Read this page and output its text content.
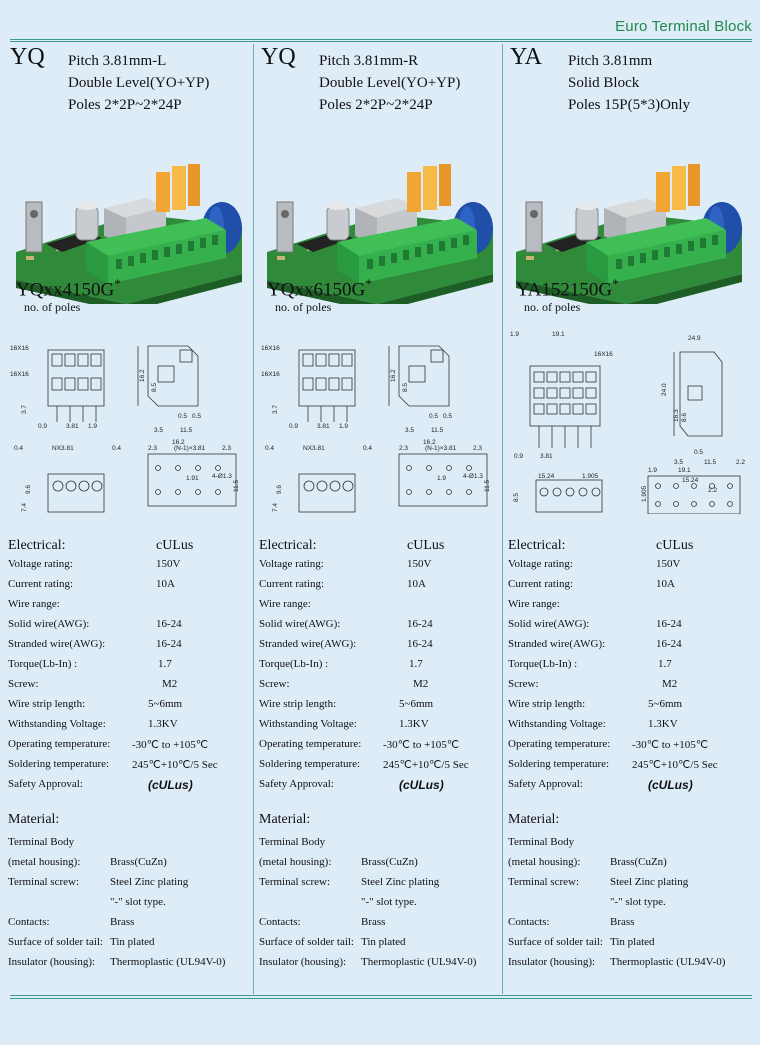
Euro Terminal Block
YQ Pitch 3.81mm-L
Double Level(YO+YP)
Poles 2*2P~2*24P
YQxx4150G*
no. of poles
16X16
16X16
3.7
0.9	3.81 1.9
16.2
8.5
0.5 0.5
3.5	11.5
16.2
0.4	NX3.81	0.4
9.6
7.4
2.3	(N-1)×3.81	2.3
1.91 4-Ø1.3
11.5
Electrical:	cULus
Voltage rating:	150V
Current rating:	10A
Wire range:
Solid wire(AWG):	16-24
Stranded wire(AWG):	16-24
Torque(Lb-In) :	1.7
Screw:	M2
Wire strip length:	5~6mm
Withstanding Voltage:	1.3KV
Operating temperature: -30℃ to +105℃
Soldering temperature: 245℃+10℃/5 Sec
Safety Approval:	(cULus)
Material:
Terminal Body
(metal housing):	Brass(CuZn)
Terminal screw:	Steel Zinc plating
"-" slot type.
Contacts:	Brass
Surface of solder tail: Tin plated
Insulator (housing): Thermoplastic (UL94V-0)
YQ Pitch 3.81mm-R
Double Level(YO+YP)
Poles 2*2P~2*24P
YQxx6150G*
no. of poles
16X16
16X16
3.7
0.9	3.81 1.9
16.2
8.5
0.5 0.5
3.5	11.5
16.2
0.4	NX3.81	0.4
9.6
7.4
2.3	(N-1)×3.81	2.3
1.9	4-Ø1.3
11.5
Electrical:	cULus
Voltage rating:	150V
Current rating:	10A
Wire range:
Solid wire(AWG):	16-24
Stranded wire(AWG):	16-24
Torque(Lb-In) :	1.7
Screw:	M2
Wire strip length:	5~6mm
Withstanding Voltage:	1.3KV
Operating temperature: -30℃ to +105℃
Soldering temperature: 245℃+10℃/5 Sec
Safety Approval:	(cULus)
Material:
Terminal Body
(metal housing):	Brass(CuZn)
Terminal screw:	Steel Zinc plating
"-" slot type.
Contacts:	Brass
Surface of solder tail: Tin plated
Insulator (housing): Thermoplastic (UL94V-0)
YA Pitch 3.81mm
Solid Block
Poles 15P(5*3)Only
YA152150G*
no. of poles
1.9	19.1
16X16
0.9	3.81
15.24	1.905
24.9
24.0
16.3 8.6
0.5
3.5	11.5	2.2
8.5
1.9	19.1
15.24
2.2
1.905
Electrical:	cULus
Voltage rating:	150V
Current rating:	10A
Wire range:
Solid wire(AWG):	16-24
Stranded wire(AWG):	16-24
Torque(Lb-In) :	1.7
Screw:	M2
Wire strip length:	5~6mm
Withstanding Voltage:	1.3KV
Operating temperature: -30℃ to +105℃
Soldering temperature: 245℃+10℃/5 Sec
Safety Approval:	(cULus)
Material:
Terminal Body
(metal housing):	Brass(CuZn)
Terminal screw:	Steel Zinc plating
"-" slot type.
Contacts:	Brass
Surface of solder tail: Tin plated
Insulator (housing): Thermoplastic (UL94V-0)
